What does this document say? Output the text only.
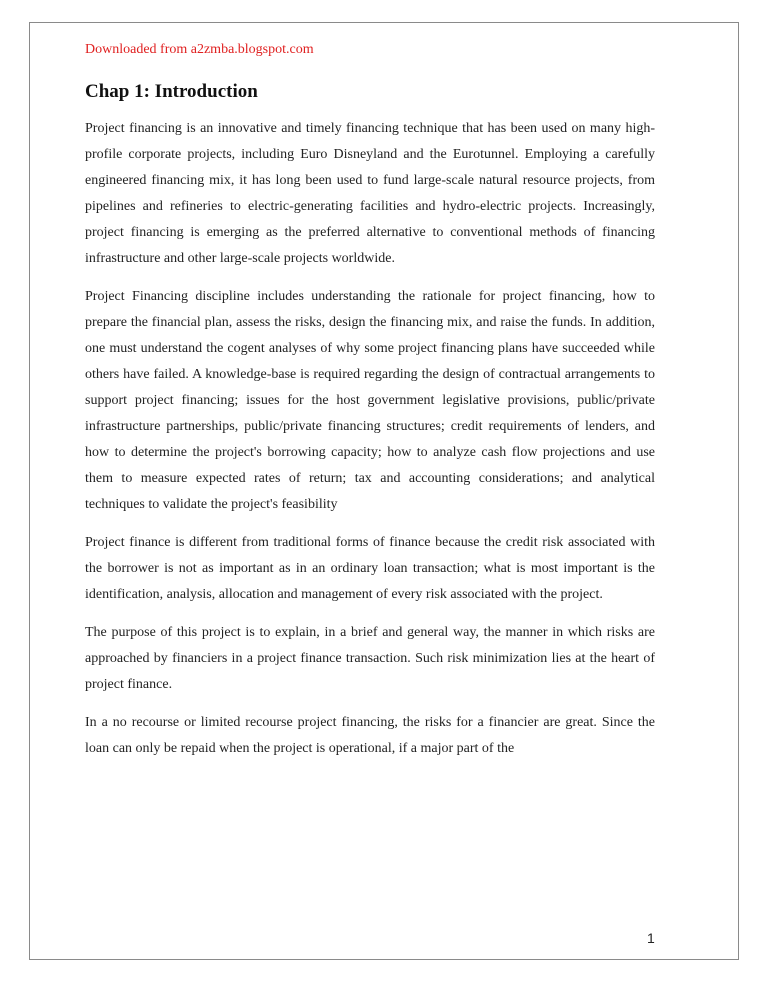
Downloaded from a2zmba.blogspot.com

Chap 1: Introduction

Project financing is an innovative and timely financing technique that has been used on many high-profile corporate projects, including Euro Disneyland and the Eurotunnel. Employing a carefully engineered financing mix, it has long been used to fund large-scale natural resource projects, from pipelines and refineries to electric-generating facilities and hydro-electric projects. Increasingly, project financing is emerging as the preferred alternative to conventional methods of financing infrastructure and other large-scale projects worldwide.

Project Financing discipline includes understanding the rationale for project financing, how to prepare the financial plan, assess the risks, design the financing mix, and raise the funds. In addition, one must understand the cogent analyses of why some project financing plans have succeeded while others have failed. A knowledge-base is required regarding the design of contractual arrangements to support project financing; issues for the host government legislative provisions, public/private infrastructure partnerships, public/private financing structures; credit requirements of lenders, and how to determine the project's borrowing capacity; how to analyze cash flow projections and use them to measure expected rates of return; tax and accounting considerations; and analytical techniques to validate the project's feasibility

Project finance is different from traditional forms of finance because the credit risk associated with the borrower is not as important as in an ordinary loan transaction; what is most important is the identification, analysis, allocation and management of every risk associated with the project.

The purpose of this project is to explain, in a brief and general way, the manner in which risks are approached by financiers in a project finance transaction. Such risk minimization lies at the heart of project finance.

In a no recourse or limited recourse project financing, the risks for a financier are great. Since the loan can only be repaid when the project is operational, if a major part of the

1
